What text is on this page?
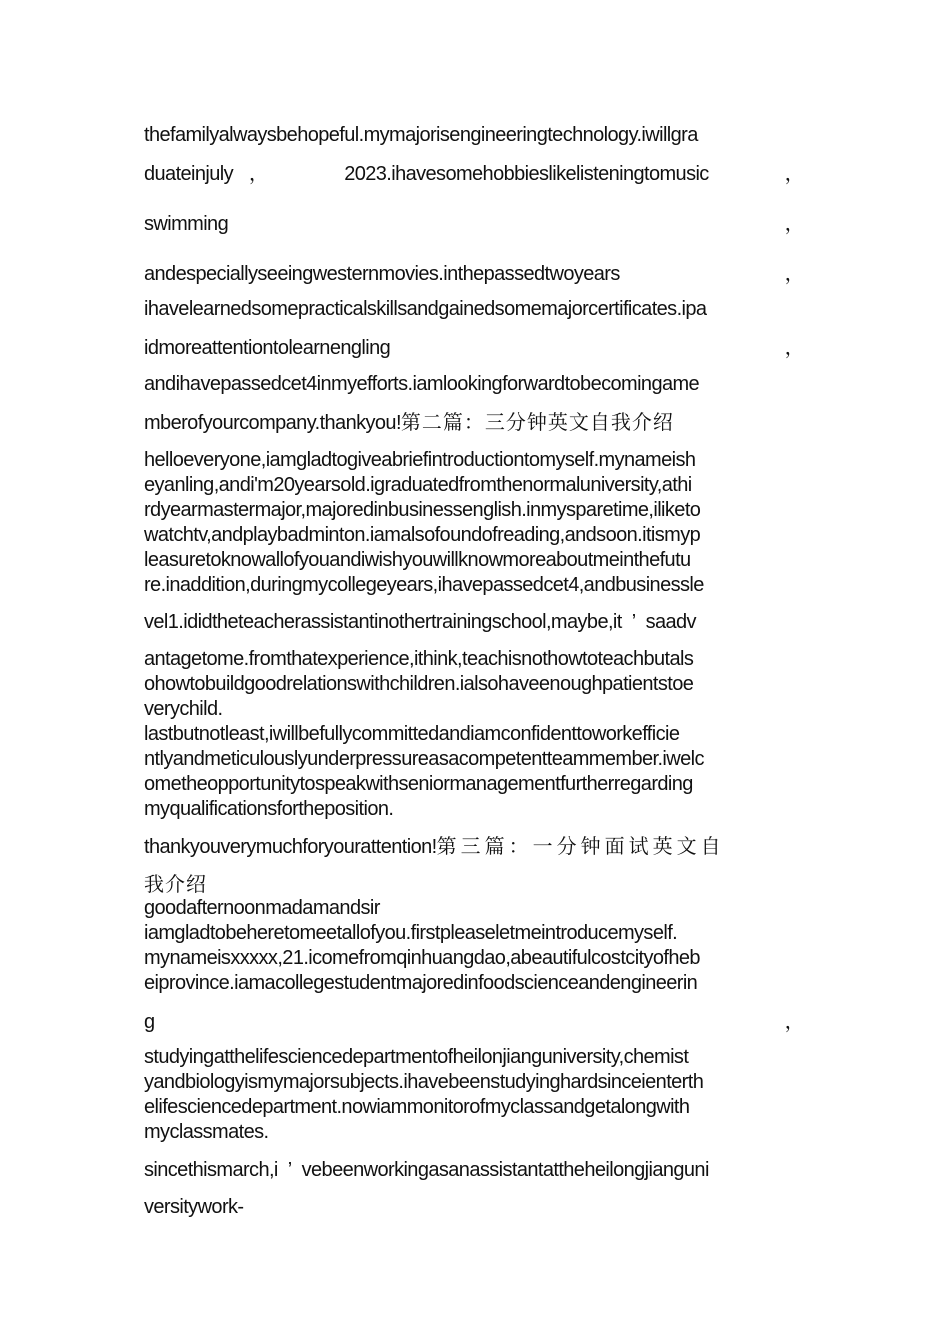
thefamilyalwaysbehopeful.mymajorisengineeringtechnology.iwillgra
duateinjuly ，	2023.ihavesomehobbieslikelisteningtomusic	，
swimming	，
andespeciallyseeingwesternmovies.inthepassedtwoyears	，
ihavelearnedsomepracticalskillsandgainedsomemajorcertificates.ipa
idmoreattentiontolearnengling	，
andihavepassedcet4inmyefforts.iamlookingforwardtobecomingame
mberofyourcompany.thankyou!第二篇：三分钟英文自我介绍
helloeveryone,iamgladtogiveabriefintroductiontomyself.mynameish
eyanling,andi'm20yearsold.igraduatedfromthenormaluniversity,athi
rdyearmastermajor,majoredinbusinessenglish.inmysparetime,iliketo
watchtv,andplaybadminton.iamalsofoundofreading,andsoon.itismyp
leasuretoknowallofyouandiwishyouwillknowmoreaboutmeinthefutu
re.inaddition,duringmycollegeyears,ihavepassedcet4,andbusinessle
vel1.ididtheteacherassistantinothertrainingschool,maybe,it ’ saadv
antagetome.fromthatexperience,ithink,teachisnothowtoteachbutals
ohowtobuildgoodrelationswithchildren.ialsohaveenoughpatientstoe
verychild.
lastbutnotleast,iwillbefullycommittedandiamconfidenttoworkefficie
ntlyandmeticulouslyunderpressureasacompetentteammember.iwelc
ometheopportunitytospeakwithseniormanagementfurtherregarding
myqualificationsfortheposition.
thankyouverymuchforyourattention!第三篇：一分钟面试英文自
我介绍
goodafternoonmadamandsir
iamgladtobeheretomeetallofyou.firstpleaseletmeintroducemyself.
mynameisxxxxx,21.icomefromqinhuangdao,abeautifulcostcityofheb
eiprovince.iamacollegestudentmajoredinfoodscienceandengineerin
g	，
studyingatthelifesciencedepartmentofheilonjianguniversity,chemist
yandbiologyismymajorsubjects.ihavebeenstudyinghardsinceienterth
elifesciencedepartment.nowiammonitorofmyclassandgetalongwith
myclassmates.
sincethismarch,i ’ vebeenworkingasanassistantattheheilongjianguni
versitywork-
